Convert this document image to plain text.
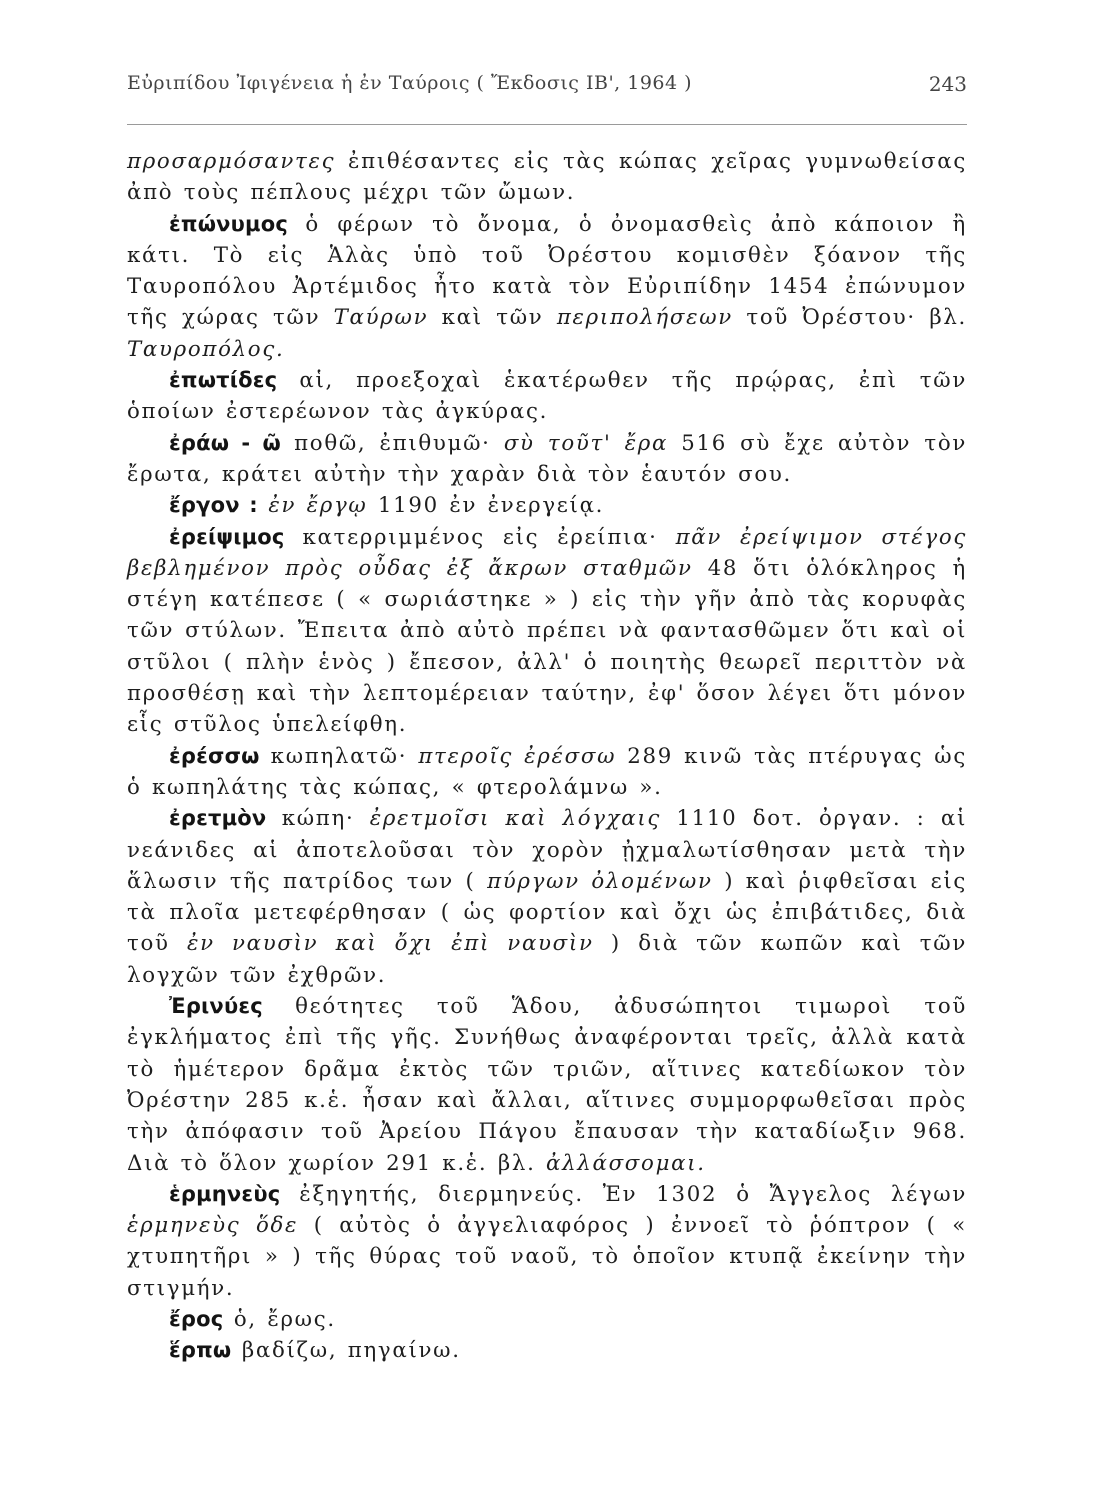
Εὐριπίδου Ἰφιγένεια ἡ ἐν Ταύροις ( Ἔκδοσις ΙΒ', 1964 )	243

προσαρμόσαντες ἐπιθέσαντες εἰς τὰς κώπας χεῖρας γυμνωθείσας ἀπὸ τοὺς πέπλους μέχρι τῶν ὤμων.

ἐπώνυμος ὁ φέρων τὸ ὄνομα, ὁ ὀνομασθεὶς ἀπὸ κάποιον ἢ κάτι. Τὸ εἰς Ἁλὰς ὑπὸ τοῦ Ὀρέστου κομισθὲν ξόανον τῆς Ταυροπόλου Ἀρτέμιδος ἦτο κατὰ τὸν Εὐριπίδην 1454 ἐπώνυμον τῆς χώρας τῶν Ταύρων καὶ τῶν περιπολήσεων τοῦ Ὀρέστου· βλ. Ταυροπόλος.

ἐπωτίδες αἱ, προεξοχαὶ ἑκατέρωθεν τῆς πρῴρας, ἐπὶ τῶν ὁποίων ἐστερέωνον τὰς ἀγκύρας.

ἐράω - ῶ ποθῶ, ἐπιθυμῶ· σὺ τοῦτ' ἔρα 516 σὺ ἔχε αὐτὸν τὸν ἔρωτα, κράτει αὐτὴν τὴν χαρὰν διὰ τὸν ἑαυτόν σου.

ἔργον : ἐν ἔργῳ 1190 ἐν ἐνεργείᾳ.

ἐρείψιμος κατερριμμένος εἰς ἐρείπια· πᾶν ἐρείψιμον στέγος βεβλημένον πρὸς οὖδας ἐξ ἄκρων σταθμῶν 48 ὅτι ὁλόκληρος ἡ στέγη κατέπεσε ( « σωριάστηκε » ) εἰς τὴν γῆν ἀπὸ τὰς κορυφὰς τῶν στύλων. Ἔπειτα ἀπὸ αὐτὸ πρέπει νὰ φαντασθῶμεν ὅτι καὶ οἱ στῦλοι ( πλὴν ἑνὸς ) ἔπεσον, ἀλλ' ὁ ποιητὴς θεωρεῖ περιττὸν νὰ προσθέσῃ καὶ τὴν λεπτομέρειαν ταύτην, ἐφ' ὅσον λέγει ὅτι μόνον εἷς στῦλος ὑπελείφθη.

ἐρέσσω κωπηλατῶ· πτεροῖς ἐρέσσω 289 κινῶ τὰς πτέρυγας ὡς ὁ κωπηλάτης τὰς κώπας, « φτερολάμνω ».

ἐρετμὸν κώπη· ἐρετμοῖσι καὶ λόγχαις 1110 δοτ. ὀργαν. : αἱ νεάνιδες αἱ ἀποτελοῦσαι τὸν χορὸν ᾐχμαλωτίσθησαν μετὰ τὴν ἅλωσιν τῆς πατρίδος των ( πύργων ὀλομένων ) καὶ ῥιφθεῖσαι εἰς τὰ πλοῖα μετεφέρθησαν ( ὡς φορτίον καὶ ὄχι ὡς ἐπιβάτιδες, διὰ τοῦ ἐν ναυσὶν καὶ ὄχι ἐπὶ ναυσὶν ) διὰ τῶν κωπῶν καὶ τῶν λογχῶν τῶν ἐχθρῶν.

Ἐρινύες θεότητες τοῦ Ἅδου, ἀδυσώπητοι τιμωροὶ τοῦ ἐγκλήματος ἐπὶ τῆς γῆς. Συνήθως ἀναφέρονται τρεῖς, ἀλλὰ κατὰ τὸ ἡμέτερον δρᾶμα ἐκτὸς τῶν τριῶν, αἵτινες κατεδίωκον τὸν Ὀρέστην 285 κ.ἑ. ἦσαν καὶ ἄλλαι, αἵτινες συμμορφωθεῖσαι πρὸς τὴν ἀπόφασιν τοῦ Ἀρείου Πάγου ἔπαυσαν τὴν καταδίωξιν 968. Διὰ τὸ ὅλον χωρίον 291 κ.ἑ. βλ. ἀλλάσσομαι.

ἑρμηνεὺς ἐξηγητής, διερμηνεύς. Ἐν 1302 ὁ Ἄγγελος λέγων ἑρμηνεὺς ὅδε ( αὐτὸς ὁ ἀγγελιαφόρος ) ἐννοεῖ τὸ ῥόπτρον ( « χτυπητῆρι » ) τῆς θύρας τοῦ ναοῦ, τὸ ὁποῖον κτυπᾷ ἐκείνην τὴν στιγμήν.

ἔρος ὁ, ἔρως.

ἕρπω βαδίζω, πηγαίνω.
